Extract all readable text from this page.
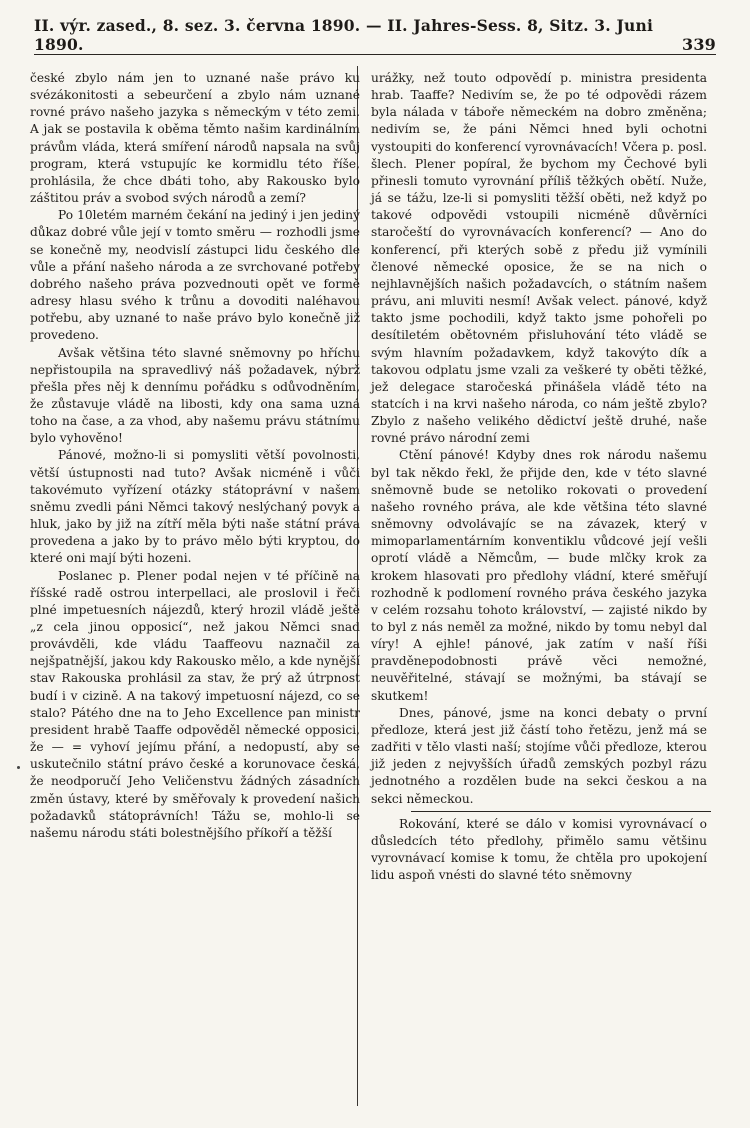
II. výr. zased., 8. sez. 3. června 1890. — II. Jahres-Sess. 8, Sitz. 3. Juni 1890.	339

české zbylo nám jen to uznané naše právo ku svézákonitosti a sebeurčení a zbylo nám uznané rovné právo našeho jazyka s německým v této zemi. A jak se postavila k oběma těmto našim kardinálním právům vláda, která smíření národů napsala na svůj program, která vstupujíc ke kormidlu této říše, prohlásila, že chce dbáti toho, aby Rakousko bylo záštitou práv a svobod svých národů a zemí?

Po 10letém marném čekání na jediný i jen jediný důkaz dobré vůle její v tomto směru — rozhodli jsme se konečně my, neodvislí zástupci lidu českého dle vůle a přání našeho národa a ze svrchované potřeby dobrého našeho práva pozvednouti opět ve formě adresy hlasu svého k trůnu a dovoditi naléhavou potřebu, aby uznané to naše právo bylo konečně již provedeno.

Avšak většina této slavné sněmovny po hříchu nepřistoupila na spravedlivý náš požadavek, nýbrž přešla přes něj k dennímu pořádku s odůvodněním, že zůstavuje vládě na libosti, kdy ona sama uzná toho na čase, a za vhod, aby našemu právu státnímu bylo vyhověno!

Pánové, možno-li si pomysliti větší povolnosti, větší ústupnosti nad tuto? Avšak nicméně i vůči takovémuto vyřízení otázky státoprávní v našem sněmu zvedli páni Němci takový neslýchaný povyk a hluk, jako by již na zítří měla býti naše státní práva provedena a jako by to právo mělo býti kryptou, do které oni mají býti hozeni.

Poslanec p. Plener podal nejen v té příčině na říšské radě ostrou interpellaci, ale proslovil i řeči plné impetuesních nájezdů, který hrozil vládě ještě „z cela jinou opposicí“, než jakou Němci snad provávděli, kde vládu Taaffeovu naznačil za nejšpatnější, jakou kdy Rakousko mělo, a kde nynější stav Rakouska prohlásil za stav, že prý až útrpnost budí i v cizině. A na takový impetuosní nájezd, co se stalo? Pátého dne na to Jeho Excellence pan ministr president hrabě Taaffe odpověděl německé opposici, že — = vyhoví jejímu přání, a nedopustí, aby se uskutečnilo státní právo české a korunovace česká, že neodporučí Jeho Veličenstvu žádných zásadních změn ústavy, které by směřovaly k provedení našich požadavků státoprávních! Tážu se, mohlo-li se našemu národu státi bolestnějšího příkoří a těžší

urážky, než touto odpovědí p. ministra presidenta hrab. Taaffe? Nedivím se, že po té odpovědi rázem byla nálada v táboře německém na dobro změněna; nedivím se, že páni Němci hned byli ochotni vystoupiti do konferencí vyrovnávacích! Včera p. posl. šlech. Plener popíral, že bychom my Čechové byli přinesli tomuto vyrovnání příliš těžkých obětí. Nuže, já se tážu, lze-li si pomysliti těžší oběti, než když po takové odpovědi vstoupili nicméně důvěrníci staročeští do vyrovnávacích konferencí? — Ano do konferencí, při kterých sobě z předu již vymínili členové německé oposice, že se na nich o nejhlavnějších našich požadavcích, o státním našem právu, ani mluviti nesmí! Avšak velect. pánové, když takto jsme pochodili, když takto jsme pohořeli po desítiletém obětovném přisluhování této vládě se svým hlavním požadavkem, když takovýto dík a takovou odplatu jsme vzali za veškeré ty oběti těžké, jež delegace staročeská přinášela vládě této na statcích i na krvi našeho národa, co nám ještě zbylo? Zbylo z našeho velikého dědictví ještě druhé, naše rovné právo národní zemi

Ctění pánové! Kdyby dnes rok národu našemu byl tak někdo řekl, že přijde den, kde v této slavné sněmovně bude se netoliko rokovati o provedení našeho rovného práva, ale kde většina této slavné sněmovny odvolávajíc se na závazek, který v mimoparlamentárním konventiklu vůdcové její vešli oprotí vládě a Němcům, — bude mlčky krok za krokem hlasovati pro předlohy vládní, které směřují rozhodně k podlomení rovného práva českého jazyka v celém rozsahu tohoto království, — zajisté nikdo by to byl z nás neměl za možné, nikdo by tomu nebyl dal víry! A ejhle! pánové, jak zatím v naší říši pravděnepodobnosti právě věci nemožné, neuvěřitelné, stávají se možnými, ba stávají se skutkem!

Dnes, pánové, jsme na konci debaty o první předloze, která jest již částí toho řetězu, jenž má se zadřiti v tělo vlasti naší; stojíme vůči předloze, kterou již jeden z nejvyšších úřadů zemských pozbyl rázu jednotného a rozdělen bude na sekci českou a na sekci německou.

Rokování, které se dálo v komisi vyrovnávací o důsledcích této předlohy, přimělo samu většinu vyrovnávací komise k tomu, že chtěla pro upokojení lidu aspoň vnésti do slavné této sněmovny
